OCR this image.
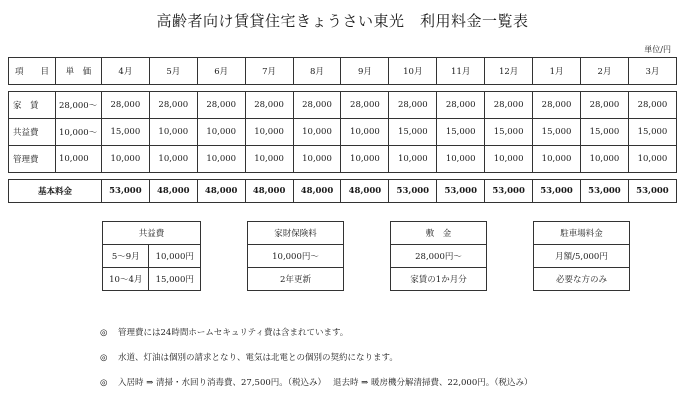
高齢者向け賃貸住宅きょうさい東光　利用料金一覧表
単位/円
項　　目	単　価	4月	5月	6月	7月	8月	9月	10月	11月	12月	1月	2月	3月

家　賃	28,000～	28,000	28,000	28,000	28,000	28,000	28,000	28,000	28,000	28,000	28,000	28,000	28,000
共益費	10,000～	15,000	10,000	10,000	10,000	10,000	10,000	15,000	15,000	15,000	15,000	15,000	15,000
管理費	10,000	10,000	10,000	10,000	10,000	10,000	10,000	10,000	10,000	10,000	10,000	10,000	10,000

基本料金		53,000	48,000	48,000	48,000	48,000	48,000	53,000	53,000	53,000	53,000	53,000	53,000
共益費	
5～9月	10,000円
10～4月	15,000円
家財保険料
10,000円～
2年更新
敷　金
28,000円～
家賃の1か月分
駐車場料金
月額/5,000円
必要な方のみ
◎ 管理費には24時間ホームセキュリティ費は含まれています。
◎ 水道、灯油は個別の請求となり、電気は北電との個別の契約になります。
◎ 入居時 ⇒ 清掃・水回り消毒費、27,500円。（税込み）　 退去時 ⇒ 暖房機分解清掃費、22,000円。（税込み）
